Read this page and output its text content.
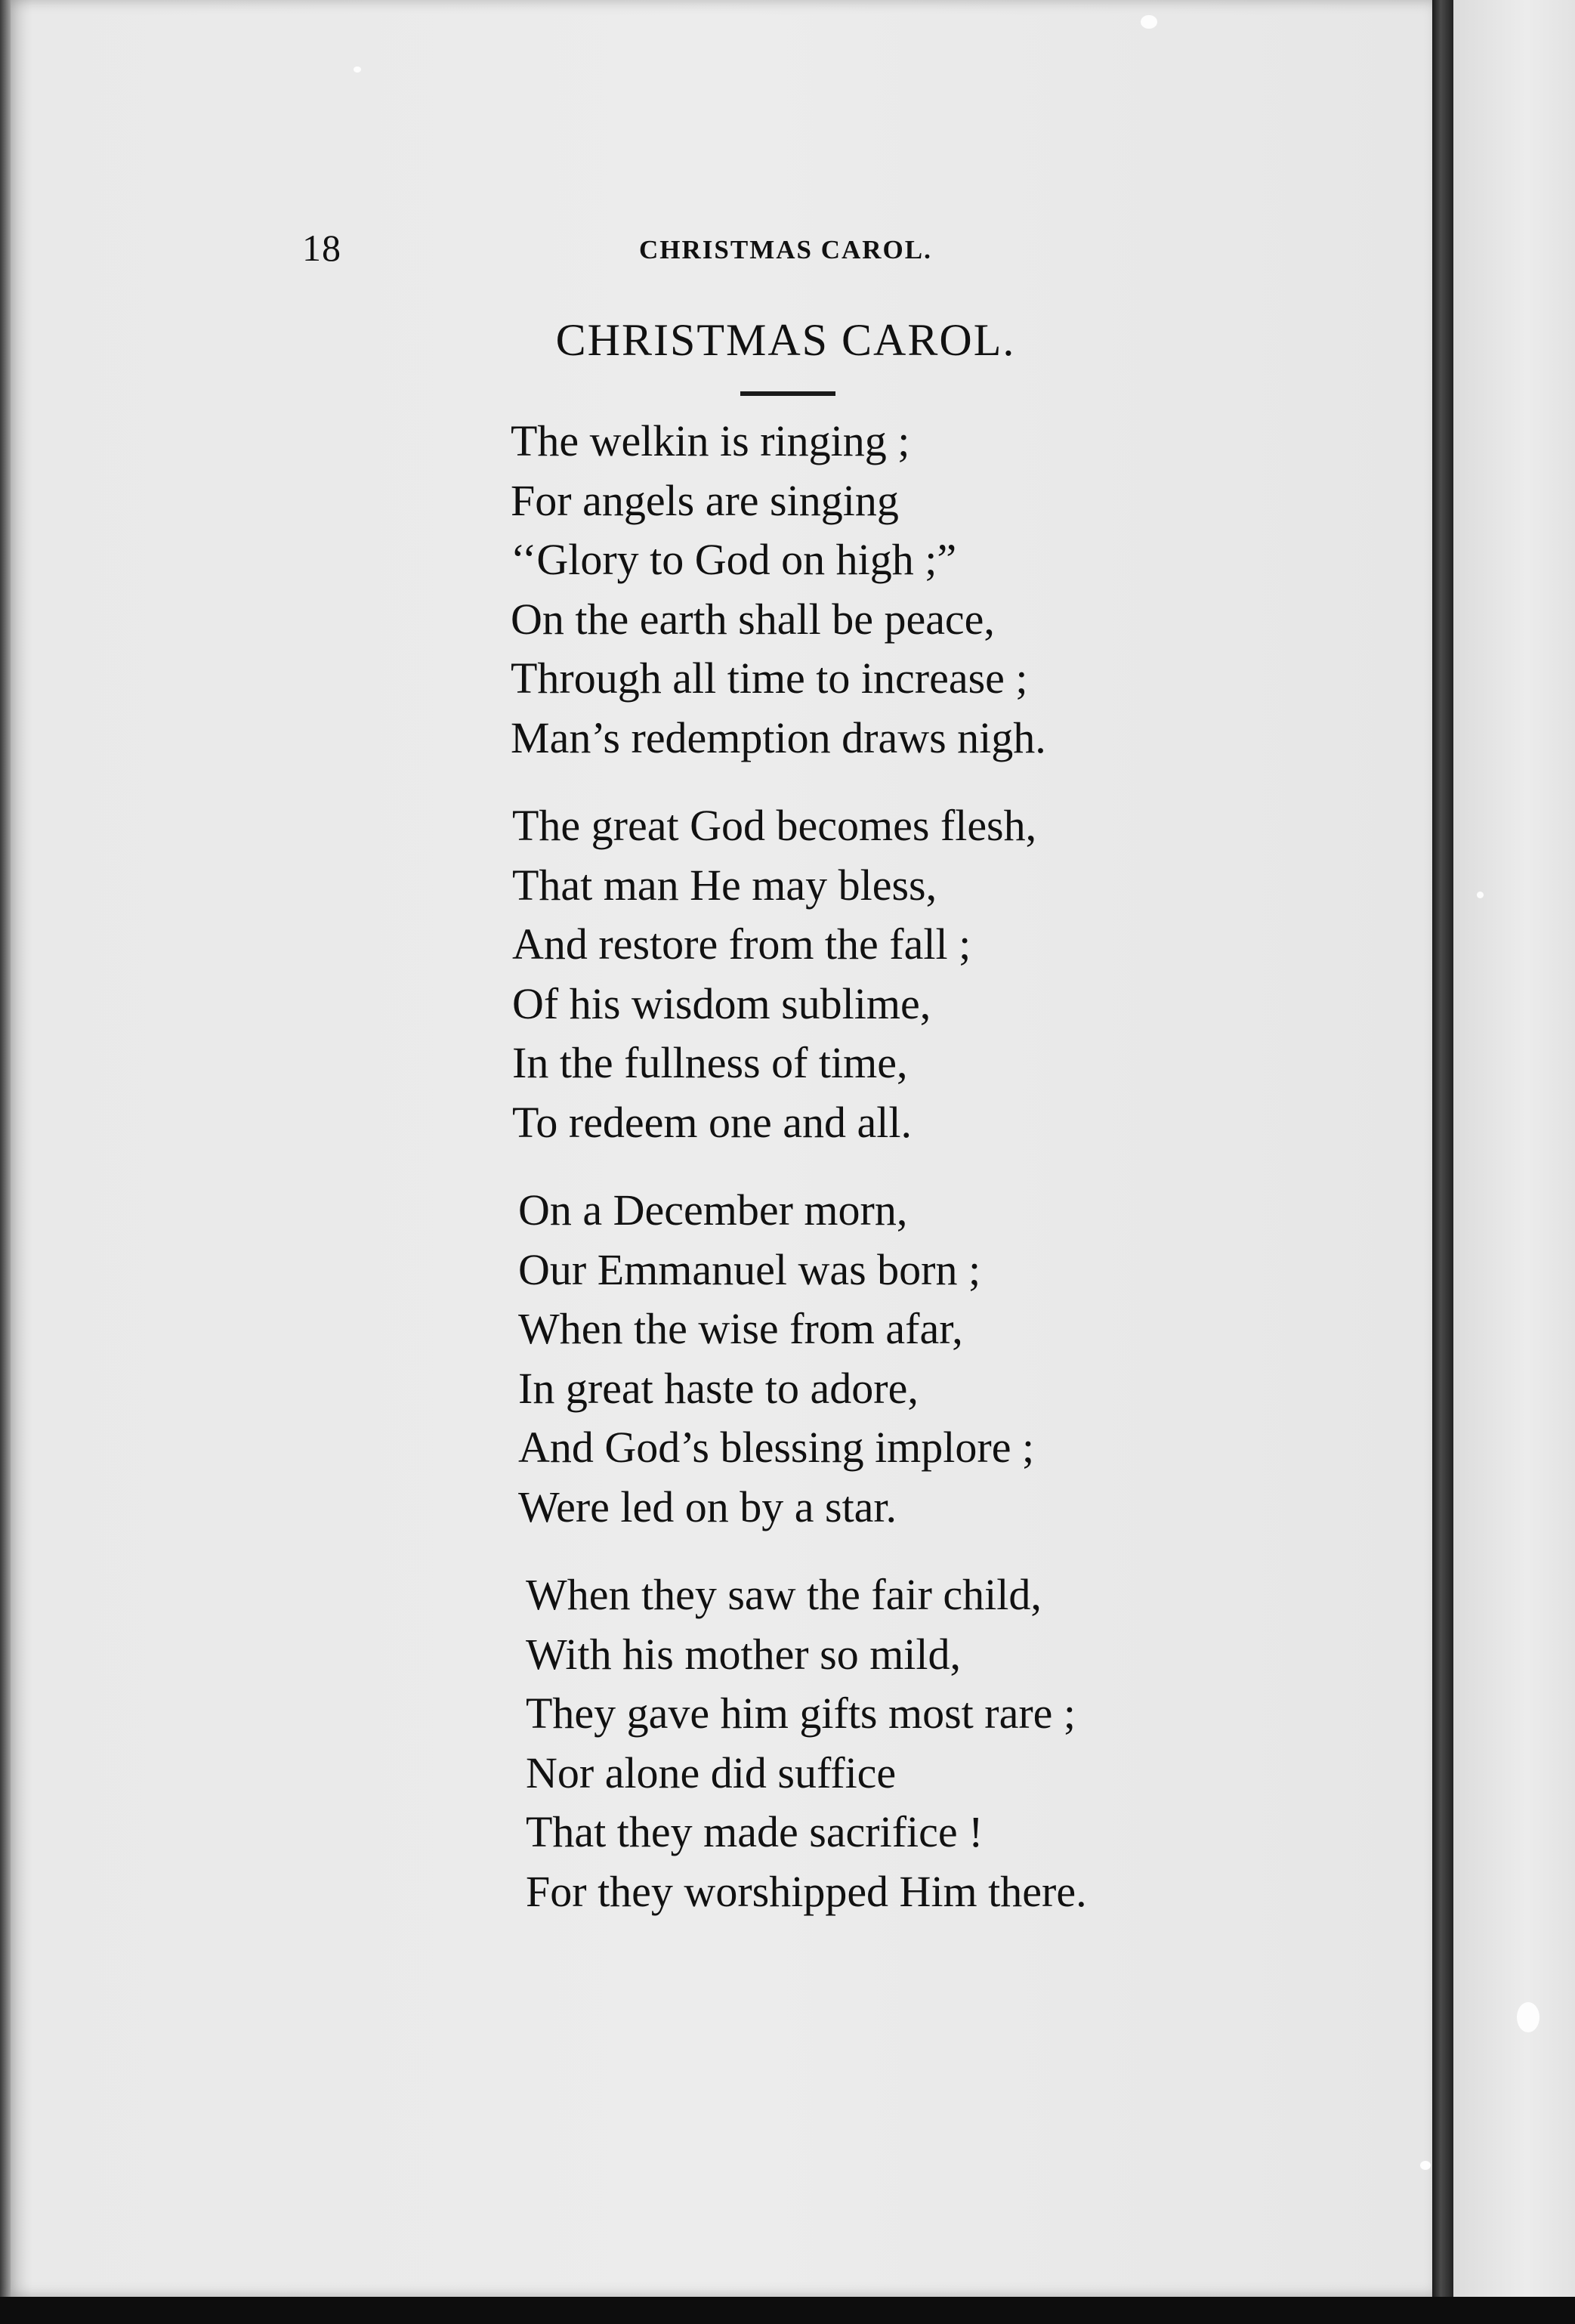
18	CHRISTMAS CAROL.
CHRISTMAS CAROL.
The welkin is ringing ;
For angels are singing
‘‘Glory to God on high ;”
On the earth shall be peace,
Through all time to increase ;
Man’s redemption draws nigh.
The great God becomes flesh,
That man He may bless,
And restore from the fall ;
Of his wisdom sublime,
In the fullness of time,
To redeem one and all.
On a December morn,
Our Emmanuel was born ;
When the wise from afar,
In great haste to adore,
And God’s blessing implore ;
Were led on by a star.
When they saw the fair child,
With his mother so mild,
They gave him gifts most rare ;
Nor alone did suffice
That they made sacrifice !
For they worshipped Him there.
